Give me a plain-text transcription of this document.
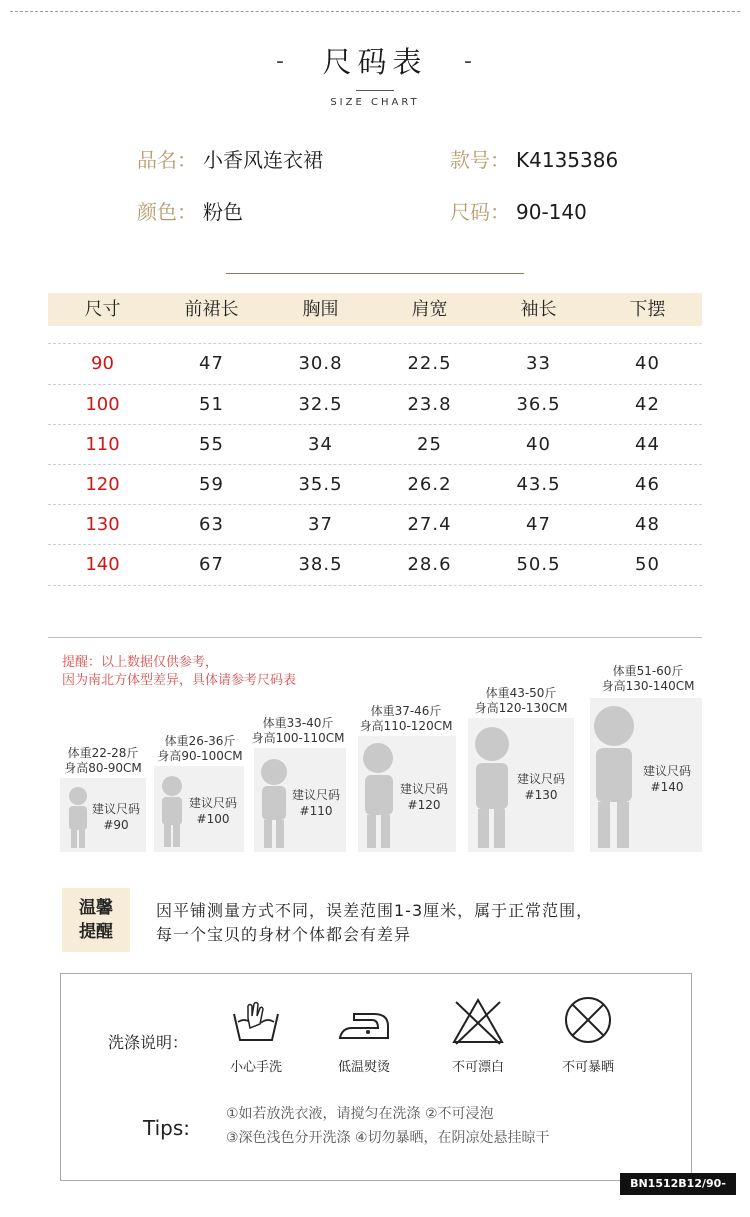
-	尺码表	-
SIZE CHART
品名： 小香风连衣裙	款号： K4135386
颜色： 粉色	尺码： 90-140
尺寸	前裙长	胸围	肩宽	袖长	下摆
90	47	30.8	22.5	33	40
100	51	32.5	23.8	36.5	42
110	55	34	25	40	44
120	59	35.5	26.2	43.5	46
130	63	37	27.4	47	48
140	67	38.5	28.6	50.5	50
提醒：以上数据仅供参考，
因为南北方体型差异，具体请参考尺码表
体重22-28斤
身高80-90CM
建议尺码
#90
体重26-36斤
身高90-100CM
建议尺码
#100
体重33-40斤
身高100-110CM
建议尺码
#110
体重37-46斤
身高110-120CM
建议尺码
#120
体重43-50斤
身高120-130CM
建议尺码
#130
体重51-60斤
身高130-140CM
建议尺码
#140
温馨
提醒
因平铺测量方式不同，误差范围1-3厘米，属于正常范围，
每一个宝贝的身材个体都会有差异
洗涤说明：
小心手洗	低温熨烫	不可漂白	不可暴晒
Tips:
①如若放洗衣液，请搅匀在洗涤 ②不可浸泡
③深色浅色分开洗涤 ④切勿暴晒，在阴凉处悬挂晾干
BN1512B12/90-140
